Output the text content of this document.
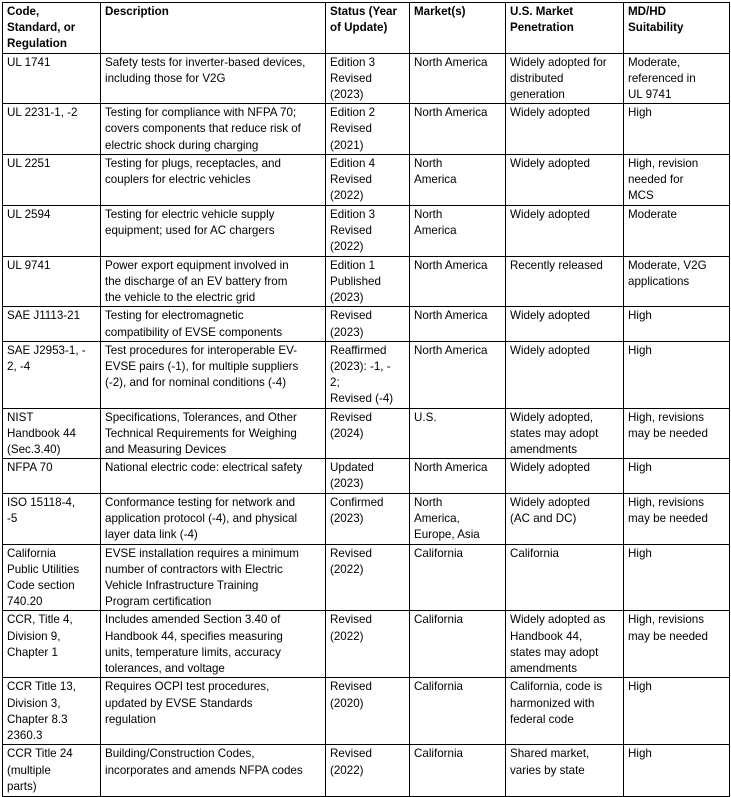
Code,
Standard, or
Regulation	Description	Status (Year
of Update)	Market(s)	U.S. Market
Penetration	MD/HD
Suitability

UL 1741	Safety tests for inverter-based devices,
including those for V2G	Edition 3
Revised
(2023)	North America	Widely adopted for
distributed
generation	Moderate,
referenced in
UL 9741

UL 2231-1, -2	Testing for compliance with NFPA 70;
covers components that reduce risk of
electric shock during charging	Edition 2
Revised
(2021)	North America	Widely adopted	High

UL 2251	Testing for plugs, receptacles, and
couplers for electric vehicles	Edition 4
Revised
(2022)	North
America	Widely adopted	High, revision
needed for
MCS

UL 2594	Testing for electric vehicle supply
equipment; used for AC chargers	Edition 3
Revised
(2022)	North
America	Widely adopted	Moderate

UL 9741	Power export equipment involved in
the discharge of an EV battery from
the vehicle to the electric grid	Edition 1
Published
(2023)	North America	Recently released	Moderate, V2G
applications

SAE J1113-21	Testing for electromagnetic
compatibility of EVSE components	Revised
(2023)	North America	Widely adopted	High

SAE J2953-1, -
2, -4	Test procedures for interoperable EV-
EVSE pairs (-1), for multiple suppliers
(-2), and for nominal conditions (-4)	Reaffirmed
(2023): -1, -
2;
Revised (-4)	North America	Widely adopted	High

NIST
Handbook 44
(Sec.3.40)	Specifications, Tolerances, and Other
Technical Requirements for Weighing
and Measuring Devices	Revised
(2024)	U.S.	Widely adopted,
states may adopt
amendments	High, revisions
may be needed

NFPA 70	National electric code: electrical safety	Updated
(2023)	North America	Widely adopted	High

ISO 15118-4,
-5	Conformance testing for network and
application protocol (-4), and physical
layer data link (-4)	Confirmed
(2023)	North
America,
Europe, Asia	Widely adopted
(AC and DC)	High, revisions
may be needed

California
Public Utilities
Code section
740.20	EVSE installation requires a minimum
number of contractors with Electric
Vehicle Infrastructure Training
Program certification	Revised
(2022)	California	California	High

CCR, Title 4,
Division 9,
Chapter 1	Includes amended Section 3.40 of
Handbook 44, specifies measuring
units, temperature limits, accuracy
tolerances, and voltage	Revised
(2022)	California	Widely adopted as
Handbook 44,
states may adopt
amendments	High, revisions
may be needed

CCR Title 13,
Division 3,
Chapter 8.3
2360.3	Requires OCPI test procedures,
updated by EVSE Standards
regulation	Revised
(2020)	California	California, code is
harmonized with
federal code	High

CCR Title 24
(multiple
parts)	Building/Construction Codes,
incorporates and amends NFPA codes	Revised
(2022)	California	Shared market,
varies by state	High
